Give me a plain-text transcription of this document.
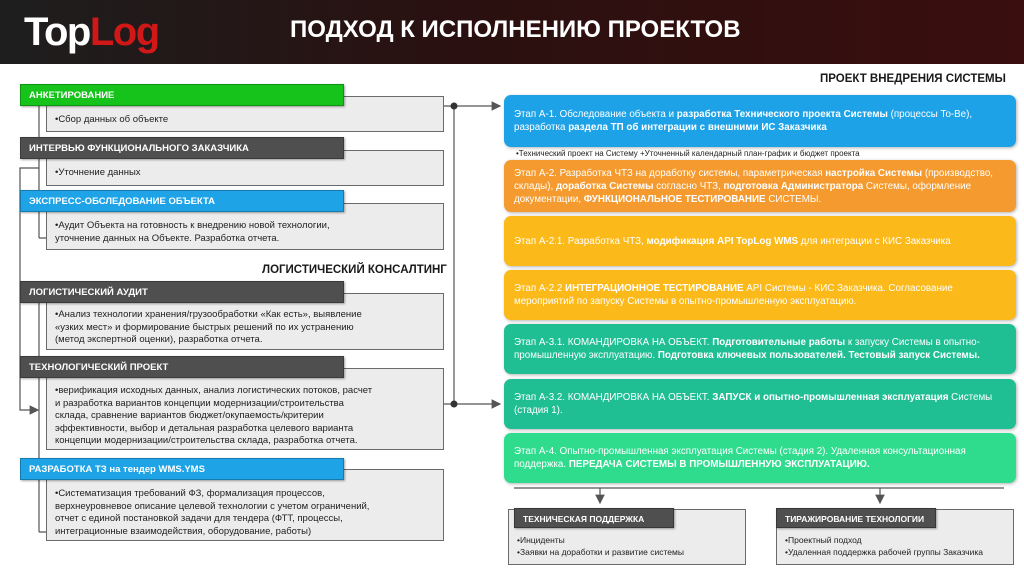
TopLog	ПОДХОД К ИСПОЛНЕНИЮ ПРОЕКТОВ
•Сбор данных об объекте
АНКЕТИРОВАНИЕ
•Уточнение данных
ИНТЕРВЬЮ ФУНКЦИОНАЛЬНОГО ЗАКАЗЧИКА
•Аудит Объекта на готовность к внедрению новой технологии,
уточнение данных на Объекте. Разработка отчета.
ЭКСПРЕСС-ОБСЛЕДОВАНИЕ ОБЪЕКТА
ЛОГИСТИЧЕСКИЙ КОНСАЛТИНГ
•Анализ технологии хранения/грузообработки «Как есть», выявление
«узких мест» и формирование быстрых решений по их устранению
(метод экспертной оценки), разработка отчета.
ЛОГИСТИЧЕСКИЙ АУДИТ
•верификация исходных данных, анализ логистических потоков, расчет
и разработка вариантов концепции модернизации/строительства
склада, сравнение вариантов бюджет/окупаемость/критерии
эффективности, выбор и детальная разработка целевого варианта
концепции модернизации/строительства склада, разработка отчета.
ТЕХНОЛОГИЧЕСКИЙ ПРОЕКТ
•Систематизация требований ФЗ, формализация процессов,
верхнеуровневое описание целевой технологии с учетом ограничений,
отчет с единой постановкой задачи для тендера (ФТТ, процессы,
интеграционные взаимодействия, оборудование, работы)
РАЗРАБОТКА ТЗ на тендер WMS.YMS
ПРОЕКТ ВНЕДРЕНИЯ СИСТЕМЫ
Этап А-1. Обследование объекта и разработка Технического проекта Системы (процессы To-Be), разработка раздела ТП об интеграции с внешними ИС Заказчика
•Технический проект на Систему +Уточненный календарный план-график и бюджет проекта
Этап А-2. Разработка ЧТЗ на доработку системы, параметрическая настройка Системы (производство, склады), доработка Системы согласно ЧТЗ, подготовка Администратора Системы, оформление документации, ФУНКЦИОНАЛЬНОЕ ТЕСТИРОВАНИЕ СИСТЕМЫ.
Этап А-2.1. Разработка ЧТЗ, модификация API TopLog WMS для интеграции с КИС Заказчика
Этап А-2.2 ИНТЕГРАЦИОННОЕ ТЕСТИРОВАНИЕ API Системы - КИС Заказчика. Согласование мероприятий по запуску Системы в опытно-промышленную эксплуатацию.
Этап А-3.1. КОМАНДИРОВКА НА ОБЪЕКТ. Подготовительные работы к запуску Системы в опытно-промышленную эксплуатацию. Подготовка ключевых пользователей. Тестовый запуск Системы.
Этап А-3.2. КОМАНДИРОВКА НА ОБЪЕКТ. ЗАПУСК и опытно-промышленная эксплуатация Системы (стадия 1).
Этап А-4. Опытно-промышленная эксплуатация Системы (стадия 2). Удаленная консультационная поддержка. ПЕРЕДАЧА СИСТЕМЫ В ПРОМЫШЛЕННУЮ ЭКСПЛУАТАЦИЮ.
•Инциденты
•Заявки на доработки и развитие системы
ТЕХНИЧЕСКАЯ ПОДДЕРЖКА
•Проектный подход
•Удаленная поддержка рабочей группы Заказчика
ТИРАЖИРОВАНИЕ ТЕХНОЛОГИИ
